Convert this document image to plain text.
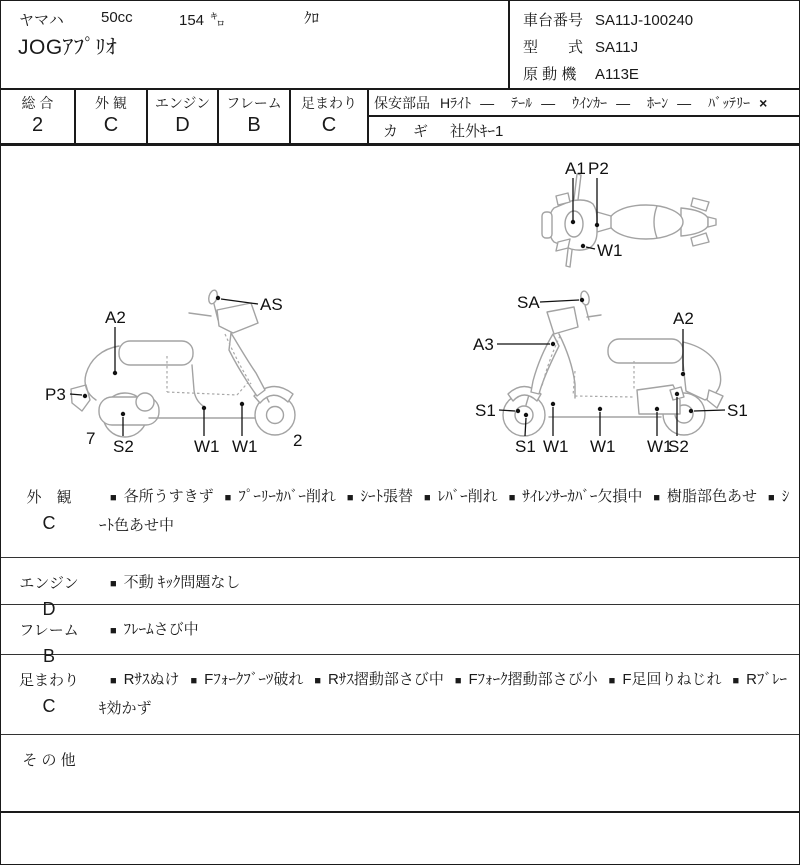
ヤマハ 50cc	154 ㌔	ｸﾛ
JOGｱﾌﾟﾘｵ
車台番号 SA11J-100240
型　　式 SA11J
原 動 機	A113E
総 合
2
外 観
C
エンジン
D
フレーム
B
足まわり
C
保安部品 Hﾗｲﾄ — ﾃｰﾙ — ｳｲﾝｶｰ — ﾎｰﾝ — ﾊﾞｯﾃﾘｰ ×
カ　ギ 社外ｷｰ1
A1 P2
W1
AS
A2
P3
S2
7	W1 W1 2
SA
A3
A2
S1
S1 W1 W1 W1
S2
S1
外　観
C
■ 各所うすきず ■ ﾌﾟｰﾘｰｶﾊﾞｰ削れ ■ ｼｰﾄ張替 ■ ﾚﾊﾞｰ削れ ■ ｻｲﾚﾝｻｰｶﾊﾞｰ欠損中 ■ 樹脂部色あせ ■ ｼｰﾄ色あせ中
エンジン
D
■ 不動 ｷｯｸ問題なし
フレーム
B
■ ﾌﾚｰﾑさび中
足まわり
C
■ Rｻｽぬけ ■ Fﾌｫｰｸﾌﾞｰﾂ破れ ■ Rｻｽ摺動部さび中 ■ Fﾌｫｰｸ摺動部さび小 ■ F足回りねじれ ■ Rﾌﾞﾚｰｷ効かず
そ の 他
